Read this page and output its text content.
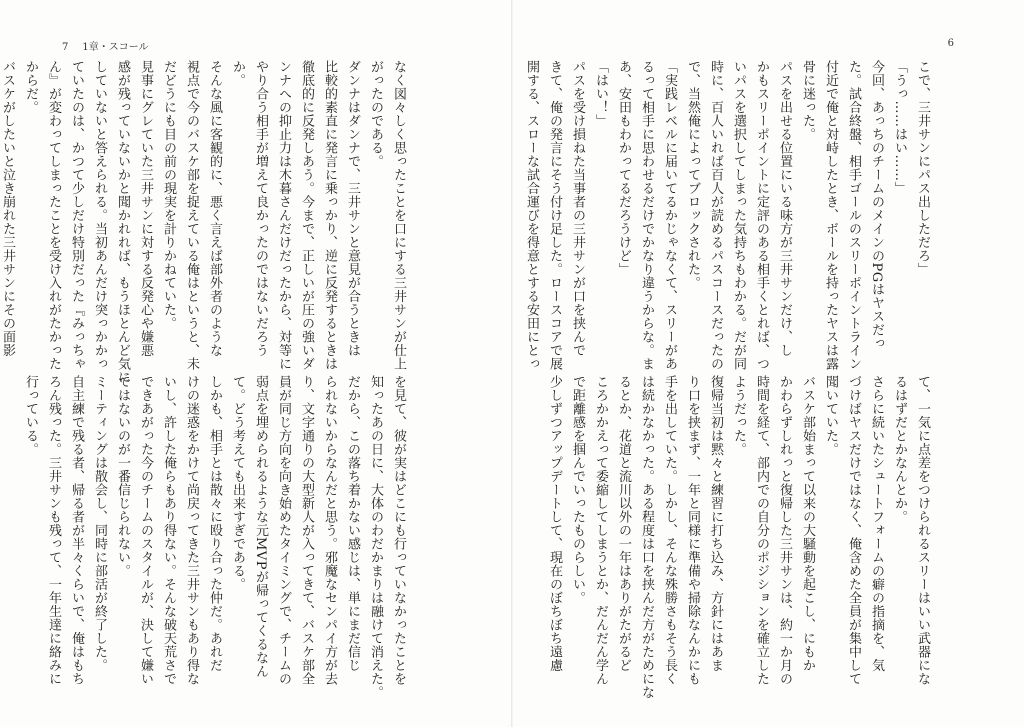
7 1章・スコール	6

こで、三井サンにパス出しただろ」

「うっ……はい……」

今回、あっちのチームのメインのPGはヤスだっ

た。試合終盤、相手ゴールのスリーポイントライン

付近で俺と対峙したとき、ボールを持ったヤスは露

骨に迷った。

パスを出せる位置にいる味方が三井サンだけ、し

かもスリーポイントに定評のある相手くとれば、つ

いパスを選択してしまった気持ちもわかる。だが同

時に、百人いれば百人が読めるパスコースだったの

で、当然俺によってブロックされた。

「実践レベルに届いてるかじゃなくて、スリーがあ

るって相手に思わせるだけでかなり違うからな。ま

あ、安田もわかってるだろうけど」

「はい！」

パスを受け損ねた当事者の三井サンが口を挟んで

きて、俺の発言にそう付け足した。ロースコアで展

開する、スローな試合運びを得意とする安田にとっ

て、一気に点差をつけられるスリーはいい武器にな

るはずだとかなんとか。

さらに続いたシュートフォームの癖の指摘を、気

づけばヤスだけではなく、俺含めた全員が集中して

聞いていた。

バスケ部始まって以来の大騒動を起こし、にもか

かわらずしれっと復帰した三井サンは、約一か月の

時間を経て、部内での自分のポジションを確立した

ようだった。

復帰当初は黙々と練習に打ち込み、方針にはあま

り口を挟まず、一年と同様に準備や掃除なんかにも

手を出していた。しかし、そんな殊勝さもそう長く

は続かなかった。ある程度は口を挟んだ方がためにな

るとか、花道と流川以外の一年はありがたがるど

ころかかえって委縮してしまうとか、だんだん学ん

で距離感を掴んでいったものらしい。

少しずつアップデートして、現在のぼちぼち遠慮

なく図々しく思ったことを口にする三井サンが仕上

がったのである。

ダンナはダンナで、三井サンと意見が合うときは

比較的素直に発言に乗っかり、逆に反発するときは

徹底的に反発しあう。今まで、正しいが圧の強いダ

ンナへの抑止力は木暮さんだけだったから、対等に

やり合う相手が増えて良かったのではないだろう

か。

そんな風に客観的に、悪く言えば部外者のような

視点で今のバスケ部を捉えている俺はというと、未

だどうにも目の前の現実を計りかねていた。

見事にグレていた三井サンに対する反発心や嫌悪

感が残っていないかと聞かれれば、もうほとんど気に

していないと答えられる。当初あんだけ突っかかっ

ていたのは、かつて少しだけ特別だった『みっちゃ

ん』が変わってしまったことを受け入れがたかった

からだ。

バスケがしたいと泣き崩れた三井サンにその面影

を見て、彼が実はどこにも行っていなかったことを

知ったあの日に、大体のわだかまりは融けて消えた。

だから、この落ち着かない感じは、単にまだ信じ

られないからなんだと思う。邪魔なセンパイ方が去

り、文字通りの大型新人が入ってきて、バスケ部全

員が同じ方向を向き始めたタイミングで、チームの

弱点を埋められるような元MVPが帰ってくるなん

て。どう考えても出来すぎである。

しかも、相手とは散々に殴り合った仲だ。あれだ

けの迷惑をかけて尚戻ってきた三井サンもあり得な

いし、許した俺らもあり得ない。そんな破天荒さで

できあがった今のチームのスタイルが、決して嫌い

ではないのが一番信じられない。

ミーティングは散会し、同時に部活が終了した。

自主練で残る者、帰る者が半々くらいで、俺はもち

ろん残った。三井サンも残って、一年生達に絡みに

行っている。
